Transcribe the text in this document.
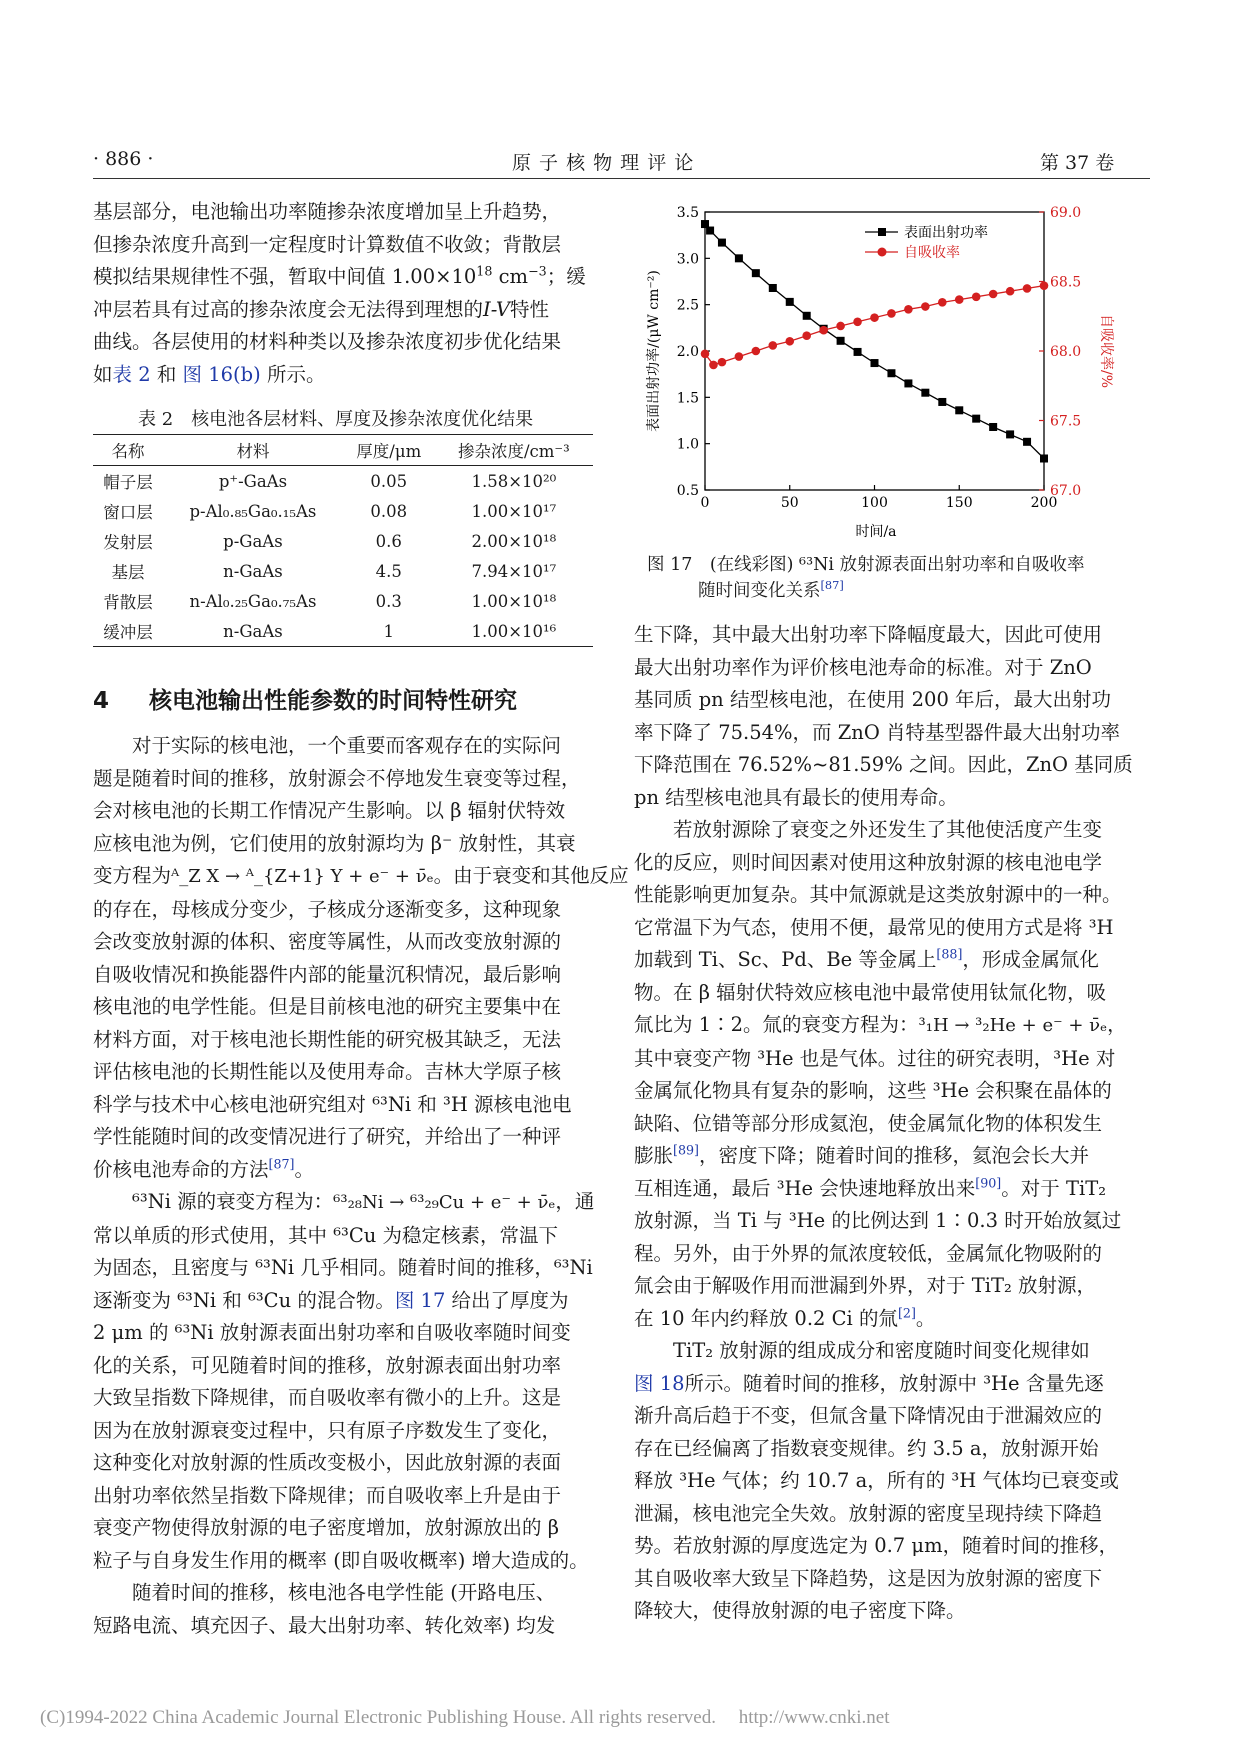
· 886 ·	原 子 核 物 理 评 论	第 37 卷

基层部分，电池输出功率随掺杂浓度增加呈上升趋势，
但掺杂浓度升高到一定程度时计算数值不收敛；背散层
模拟结果规律性不强，暂取中间值 $1.00\times 10^{18}$ $cm^{-3}$；缓
冲层若具有过高的掺杂浓度会无法得到理想的I-V特性
曲线。各层使用的材料种类以及掺杂浓度初步优化结果
如表 2 和 图 16(b) 所示。

表 2　核电池各层材料、厚度及掺杂浓度优化结果
名称	材料	厚度/μm	掺杂浓度/cm⁻³
帽子层	p⁺-GaAs	0.05	1.58×10²⁰
窗口层	p-Al₀.₈₅Ga₀.₁₅As	0.08	1.00×10¹⁷
发射层	p-GaAs	0.6	2.00×10¹⁸
基层	n-GaAs	4.5	7.94×10¹⁷
背散层	n-Al₀.₂₅Ga₀.₇₅As	0.3	1.00×10¹⁸
缓冲层	n-GaAs	1	1.00×10¹⁶
4 核电池输出性能参数的时间特性研究

对于实际的核电池，一个重要而客观存在的实际问
题是随着时间的推移，放射源会不停地发生衰变等过程，
会对核电池的长期工作情况产生影响。以 β 辐射伏特效
应核电池为例，它们使用的放射源均为 β⁻ 放射性，其衰
变方程为ᴬ_Z X → ᴬ_{Z+1} Y + e⁻ + ν̄ₑ。由于衰变和其他反应
的存在，母核成分变少，子核成分逐渐变多，这种现象
会改变放射源的体积、密度等属性，从而改变放射源的
自吸收情况和换能器件内部的能量沉积情况，最后影响
核电池的电学性能。但是目前核电池的研究主要集中在
材料方面，对于核电池长期性能的研究极其缺乏，无法
评估核电池的长期性能以及使用寿命。吉林大学原子核
科学与技术中心核电池研究组对 ⁶³Ni 和 ³H 源核电池电
学性能随时间的改变情况进行了研究，并给出了一种评
价核电池寿命的方法[87]。
⁶³Ni 源的衰变方程为：⁶³₂₈Ni → ⁶³₂₉Cu + e⁻ + ν̄ₑ，通
常以单质的形式使用，其中 ⁶³Cu 为稳定核素，常温下
为固态，且密度与 ⁶³Ni 几乎相同。随着时间的推移，⁶³Ni
逐渐变为 ⁶³Ni 和 ⁶³Cu 的混合物。图 17 给出了厚度为
2 μm 的 ⁶³Ni 放射源表面出射功率和自吸收率随时间变
化的关系，可见随着时间的推移，放射源表面出射功率
大致呈指数下降规律，而自吸收率有微小的上升。这是
因为在放射源衰变过程中，只有原子序数发生了变化，
这种变化对放射源的性质改变极小，因此放射源的表面
出射功率依然呈指数下降规律；而自吸收率上升是由于
衰变产物使得放射源的电子密度增加，放射源放出的 β
粒子与自身发生作用的概率 (即自吸收概率) 增大造成的。
随着时间的推移，核电池各电学性能 (开路电压、
短路电流、填充因子、最大出射功率、转化效率) 均发

0.5
1.0
1.5
2.0
2.5
3.0
3.5
0	50	100	150	200
67.0
67.5
68.0
68.5
69.0
表面出射功率
自吸收率
时间/a
表面出射功率/(μW cm⁻²)	自吸收率/%
图 17　(在线彩图) ⁶³Ni 放射源表面出射功率和自吸收率
随时间变化关系[87]

生下降，其中最大出射功率下降幅度最大，因此可使用
最大出射功率作为评价核电池寿命的标准。对于 ZnO
基同质 pn 结型核电池，在使用 200 年后，最大出射功
率下降了 75.54%，而 ZnO 肖特基型器件最大出射功率
下降范围在 76.52%~81.59% 之间。因此，ZnO 基同质
pn 结型核电池具有最长的使用寿命。
若放射源除了衰变之外还发生了其他使活度产生变
化的反应，则时间因素对使用这种放射源的核电池电学
性能影响更加复杂。其中氚源就是这类放射源中的一种。
它常温下为气态，使用不便，最常见的使用方式是将 ³H
加载到 Ti、Sc、Pd、Be 等金属上[88]，形成金属氚化
物。在 β 辐射伏特效应核电池中最常使用钛氚化物，吸
氚比为 1∶2。氚的衰变方程为：³₁H → ³₂He + e⁻ + ν̄ₑ，
其中衰变产物 ³He 也是气体。过往的研究表明，³He 对
金属氚化物具有复杂的影响，这些 ³He 会积聚在晶体的
缺陷、位错等部分形成氦泡，使金属氚化物的体积发生
膨胀[89]，密度下降；随着时间的推移，氦泡会长大并
互相连通，最后 ³He 会快速地释放出来[90]。对于 TiT₂
放射源，当 Ti 与 ³He 的比例达到 1∶0.3 时开始放氦过
程。另外，由于外界的氚浓度较低，金属氚化物吸附的
氚会由于解吸作用而泄漏到外界，对于 TiT₂ 放射源，
在 10 年内约释放 0.2 Ci 的氚[2]。
TiT₂ 放射源的组成成分和密度随时间变化规律如
图 18所示。随着时间的推移，放射源中 ³He 含量先逐
渐升高后趋于不变，但氚含量下降情况由于泄漏效应的
存在已经偏离了指数衰变规律。约 3.5 a，放射源开始
释放 ³He 气体；约 10.7 a，所有的 ³H 气体均已衰变或
泄漏，核电池完全失效。放射源的密度呈现持续下降趋
势。若放射源的厚度选定为 0.7 μm，随着时间的推移，
其自吸收率大致呈下降趋势，这是因为放射源的密度下
降较大，使得放射源的电子密度下降。

(C)1994-2022 China Academic Journal Electronic Publishing House. All rights reserved. http://www.cnki.net
